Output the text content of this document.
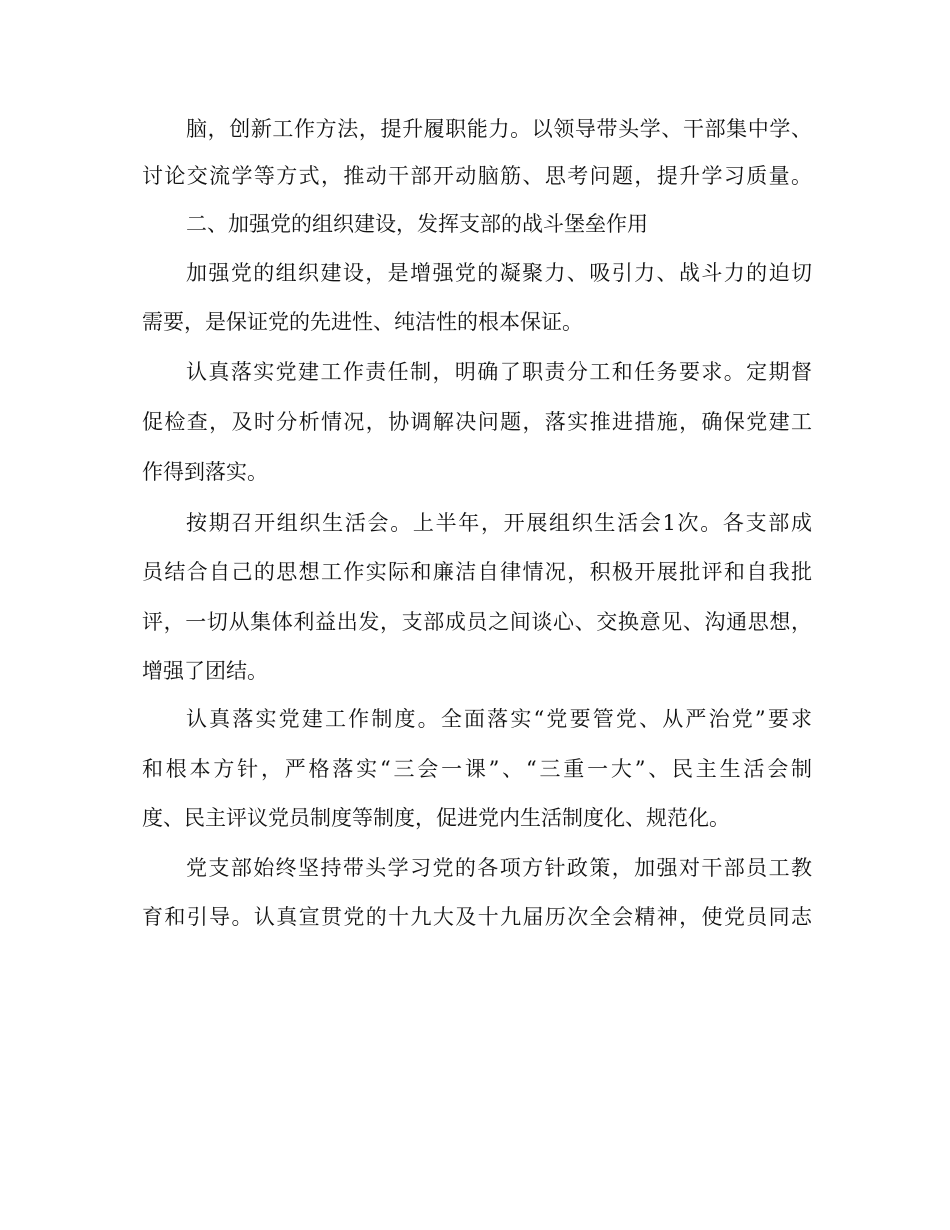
脑，创新工作方法，提升履职能力。以领导带头学、干部集中学、
讨论交流学等方式，推动干部开动脑筋、思考问题，提升学习质量。
二、加强党的组织建设，发挥支部的战斗堡垒作用
加强党的组织建设，是增强党的凝聚力、吸引力、战斗力的迫切
需要，是保证党的先进性、纯洁性的根本保证。
认真落实党建工作责任制，明确了职责分工和任务要求。定期督
促检查，及时分析情况，协调解决问题，落实推进措施，确保党建工
作得到落实。
按期召开组织生活会。上半年，开展组织生活会1次。各支部成
员结合自己的思想工作实际和廉洁自律情况，积极开展批评和自我批
评，一切从集体利益出发，支部成员之间谈心、交换意见、沟通思想，
增强了团结。
认真落实党建工作制度。全面落实“党要管党、从严治党”要求
和根本方针，严格落实“三会一课”、“三重一大”、民主生活会制
度、民主评议党员制度等制度，促进党内生活制度化、规范化。
党支部始终坚持带头学习党的各项方针政策，加强对干部员工教
育和引导。认真宣贯党的十九大及十九届历次全会精神，使党员同志
